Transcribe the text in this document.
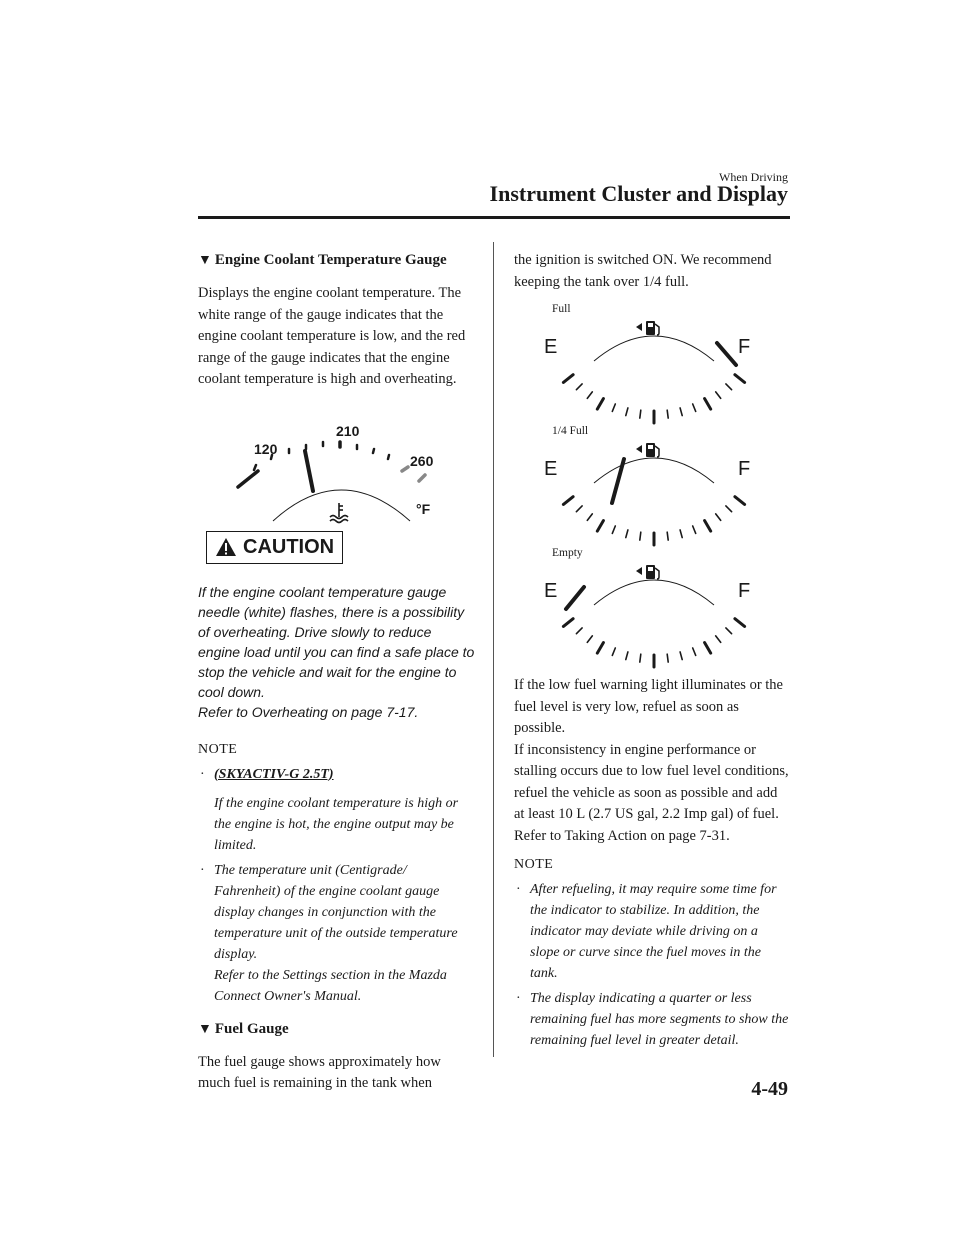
When Driving
Instrument Cluster and Display
▼ Engine Coolant Temperature Gauge

Displays the engine coolant temperature. The white range of the gauge indicates that the engine coolant temperature is low, and the red range of the gauge indicates that the engine coolant temperature is high and overheating.

120
210
260
°F
CAUTION

If the engine coolant temperature gauge needle (white) flashes, there is a possibility of overheating. Drive slowly to reduce engine load until you can find a safe place to stop the vehicle and wait for the engine to cool down.

Refer to Overheating on page 7-17.

NOTE
· (SKYACTIV-G 2.5T)

If the engine coolant temperature is high or the engine is hot, the engine output may be limited.
· The temperature unit (Centigrade/ Fahrenheit) of the engine coolant gauge display changes in conjunction with the temperature unit of the outside temperature display.
Refer to the Settings section in the Mazda Connect Owner's Manual.
▼ Fuel Gauge

The fuel gauge shows approximately how much fuel is remaining in the tank when

the ignition is switched ON. We recommend keeping the tank over 1/4 full.

Full
E	F
1/4 Full
E	F
Empty
E	F

If the low fuel warning light illuminates or the fuel level is very low, refuel as soon as possible.

If inconsistency in engine performance or stalling occurs due to low fuel level conditions, refuel the vehicle as soon as possible and add at least 10 L (2.7 US gal, 2.2 Imp gal) of fuel.

Refer to Taking Action on page 7-31.

NOTE
· After refueling, it may require some time for the indicator to stabilize. In addition, the indicator may deviate while driving on a slope or curve since the fuel moves in the tank.
· The display indicating a quarter or less remaining fuel has more segments to show the remaining fuel level in greater detail.
4-49
